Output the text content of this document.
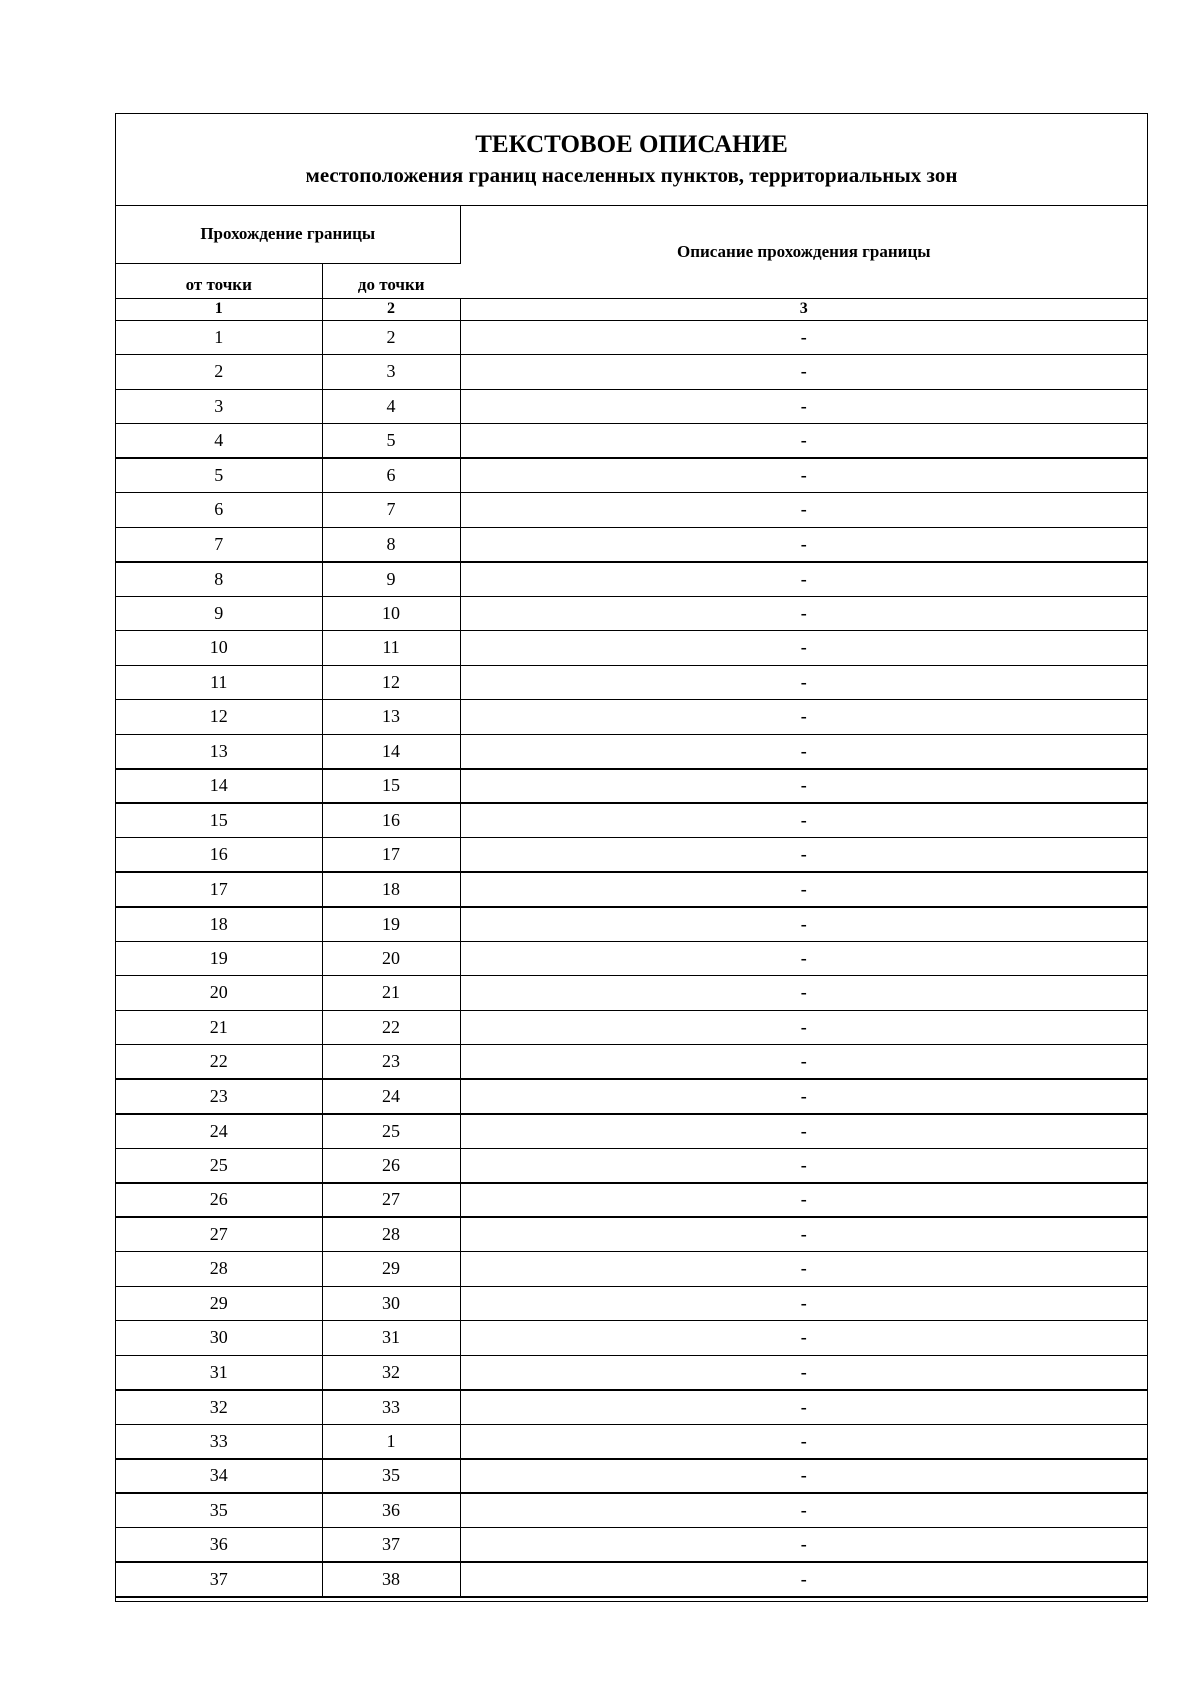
ТЕКСТОВОЕ ОПИСАНИЕ
местоположения границ населенных пунктов, территориальных зон
Прохождение границы		Описание прохождения границы
от точки	до точки	
1	2	3
1	2	-
2	3	-
3	4	-
4	5	-
5	6	-
6	7	-
7	8	-
8	9	-
9	10	-
10	11	-
11	12	-
12	13	-
13	14	-
14	15	-
15	16	-
16	17	-
17	18	-
18	19	-
19	20	-
20	21	-
21	22	-
22	23	-
23	24	-
24	25	-
25	26	-
26	27	-
27	28	-
28	29	-
29	30	-
30	31	-
31	32	-
32	33	-
33	1	-
34	35	-
35	36	-
36	37	-
37	38	-
